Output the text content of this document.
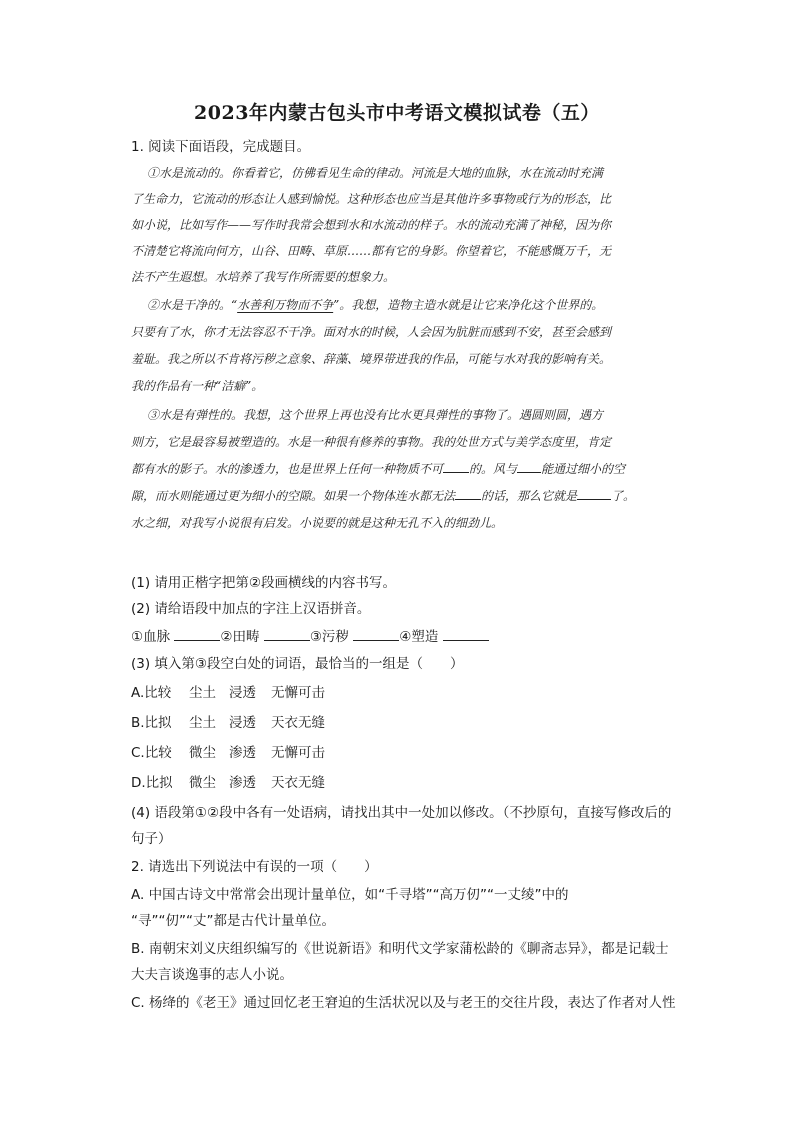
2023年内蒙古包头市中考语文模拟试卷（五）
1. 阅读下面语段，完成题目。
①水是流动的。你看着它，仿佛看见生命的律动。河流是大地的血脉，水在流动时充满
了生命力，它流动的形态让人感到愉悦。这种形态也应当是其他许多事物或行为的形态，比
如小说，比如写作——写作时我常会想到水和水流动的样子。水的流动充满了神秘，因为你
不清楚它将流向何方，山谷、田畴、草原……都有它的身影。你望着它，不能感慨万千，无
法不产生遐想。水培养了我写作所需要的想象力。
②水是干净的。“水善利万物而不争”。我想，造物主造水就是让它来净化这个世界的。
只要有了水，你才无法容忍不干净。面对水的时候，人会因为肮脏而感到不安，甚至会感到
羞耻。我之所以不肯将污秽之意象、辞藻、境界带进我的作品，可能与水对我的影响有关。
我的作品有一种“洁癖”。
③水是有弹性的。我想，这个世界上再也没有比水更具弹性的事物了。遇圆则圆，遇方
则方，它是最容易被塑造的。水是一种很有修养的事物。我的处世方式与美学态度里，肯定
都有水的影子。水的渗透力，也是世界上任何一种物质不可 的。风与 能通过细小的空
隙，而水则能通过更为细小的空隙。如果一个物体连水都无法 的话，那么它就是	了。
水之细，对我写小说很有启发。小说要的就是这种无孔不入的细劲儿。
(1) 请用正楷字把第②段画横线的内容书写。
(2) 请给语段中加点的字注上汉语拼音。
①血脉	②田畴	③污秽	④塑造
(3) 填入第③段空白处的词语，最恰当的一组是（　　）
A.比较 尘土 浸透 无懈可击
B.比拟 尘土 浸透 天衣无缝
C.比较 微尘 渗透 无懈可击
D.比拟 微尘 渗透 天衣无缝
(4) 语段第①②段中各有一处语病，请找出其中一处加以修改。（不抄原句，直接写修改后的
句子）
2. 请选出下列说法中有误的一项（　　）
A. 中国古诗文中常常会出现计量单位，如“千寻塔”“高万仞”“一丈绫”中的
“寻”“仞”“丈”都是古代计量单位。
B. 南朝宋刘义庆组织编写的《世说新语》和明代文学家蒲松龄的《聊斋志异》，都是记载士
大夫言谈逸事的志人小说。
C. 杨绛的《老王》通过回忆老王窘迫的生活状况以及与老王的交往片段，表达了作者对人性
